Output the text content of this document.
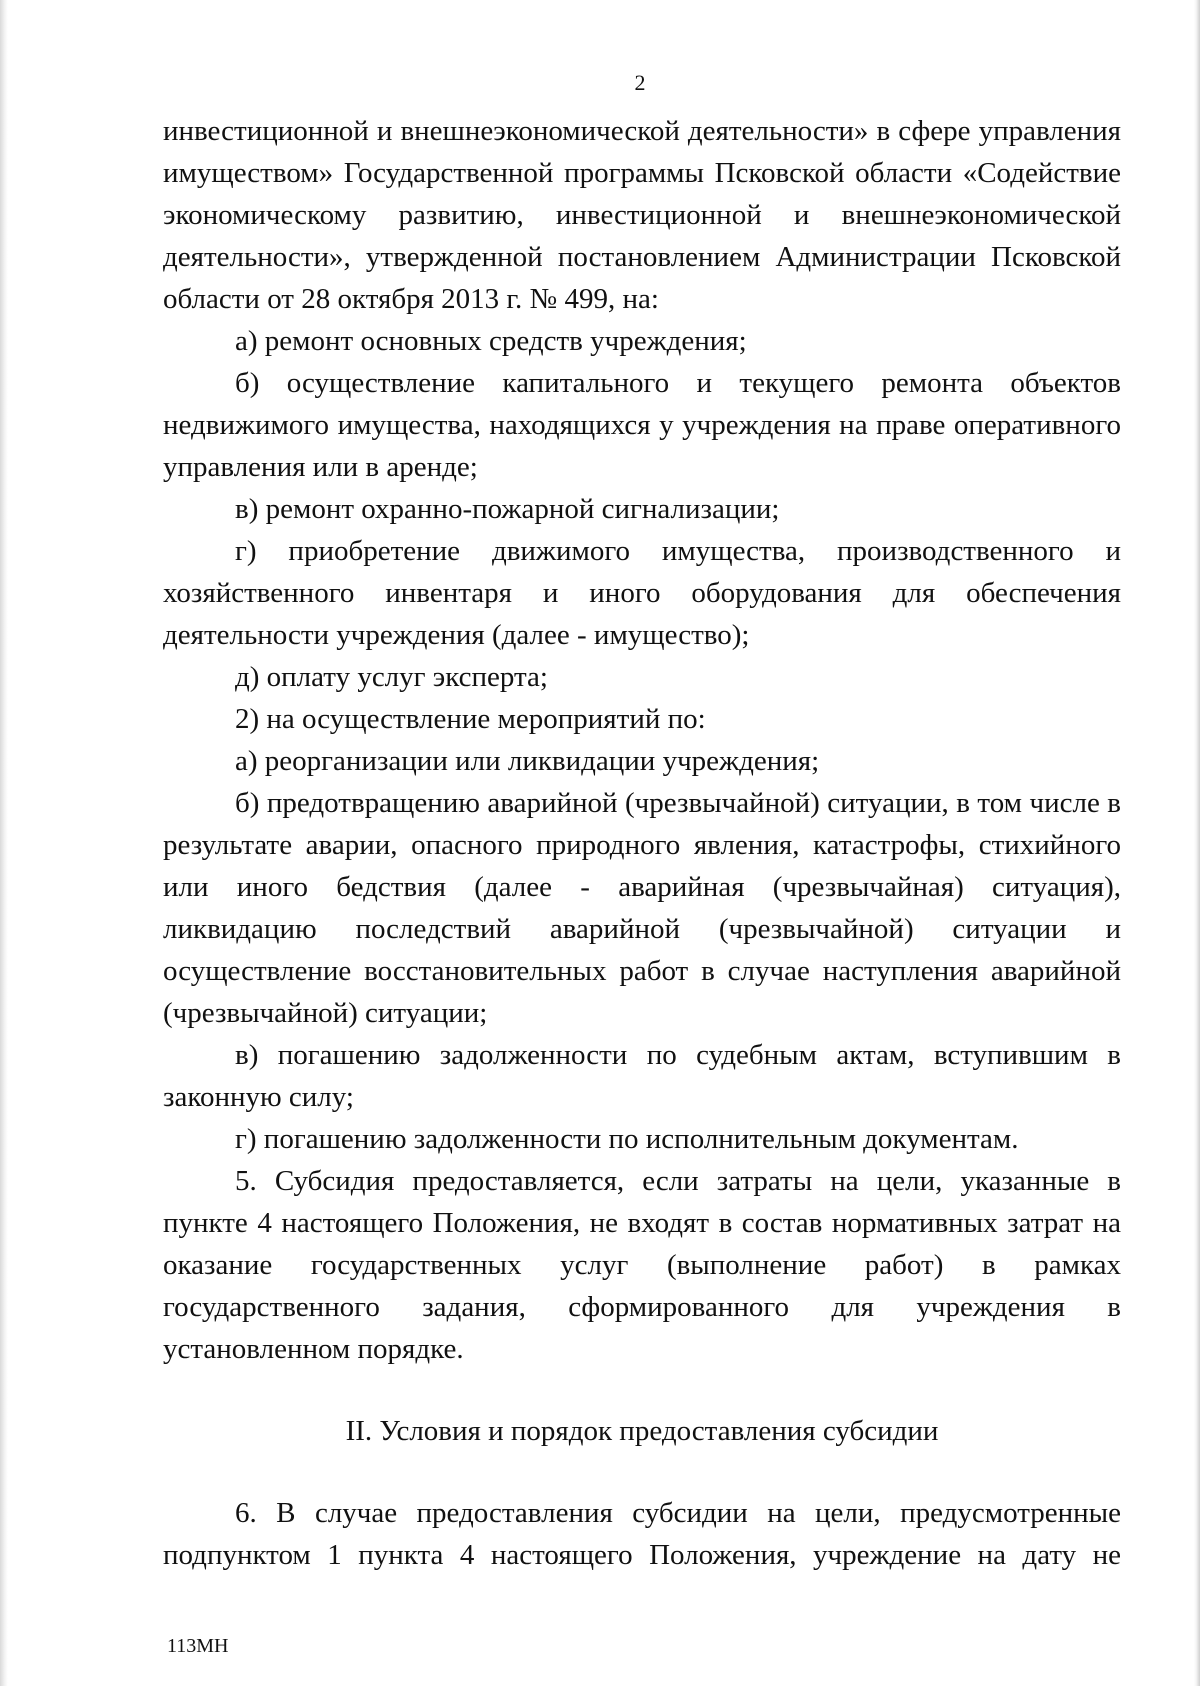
2

инвестиционной и внешнеэкономической деятельности» в сфере управления имуществом» Государственной программы Псковской области «Содействие экономическому развитию, инвестиционной и внешнеэкономической деятельности», утвержденной постановлением Администрации Псковской области от 28 октября 2013 г. № 499, на:

а) ремонт основных средств учреждения;

б) осуществление капитального и текущего ремонта объектов недвижимого имущества, находящихся у учреждения на праве оперативного управления или в аренде;

в) ремонт охранно-пожарной сигнализации;

г) приобретение движимого имущества, производственного и хозяйственного инвентаря и иного оборудования для обеспечения деятельности учреждения (далее - имущество);

д) оплату услуг эксперта;

2) на осуществление мероприятий по:

а) реорганизации или ликвидации учреждения;

б) предотвращению аварийной (чрезвычайной) ситуации, в том числе в результате аварии, опасного природного явления, катастрофы, стихийного или иного бедствия (далее - аварийная (чрезвычайная) ситуация), ликвидацию последствий аварийной (чрезвычайной) ситуации и осуществление восстановительных работ в случае наступления аварийной (чрезвычайной) ситуации;

в) погашению задолженности по судебным актам, вступившим в законную силу;

г) погашению задолженности по исполнительным документам.

5. Субсидия предоставляется, если затраты на цели, указанные в пункте 4 настоящего Положения, не входят в состав нормативных затрат на оказание государственных услуг (выполнение работ) в рамках государственного задания, сформированного для учреждения в установленном порядке.

II. Условия и порядок предоставления субсидии

6. В случае предоставления субсидии на цели, предусмотренные подпунктом 1 пункта 4 настоящего Положения, учреждение на дату не

113МН
